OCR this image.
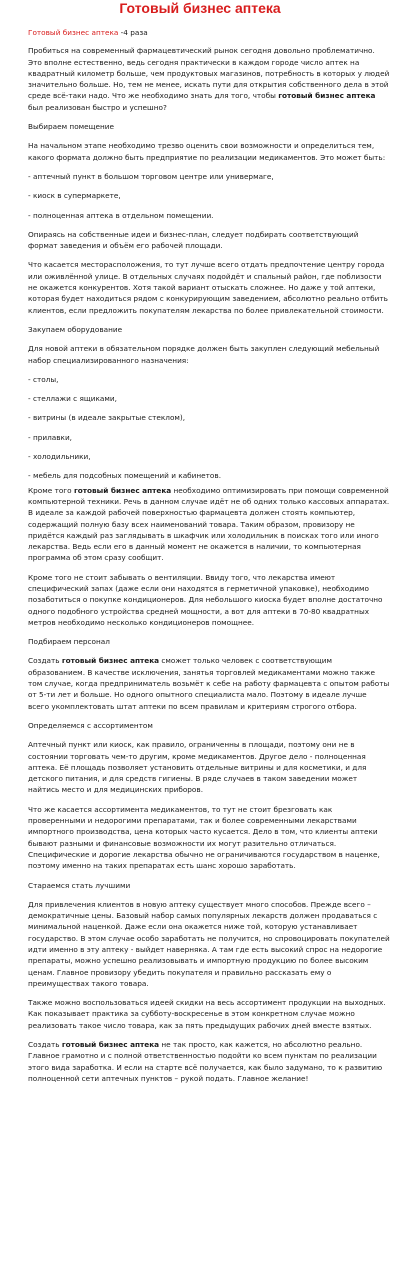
Готовый бизнес аптека
Готовый бизнес аптека -4 раза

Пробиться на современный фармацевтический рынок сегодня довольно проблематично. Это вполне естественно, ведь сегодня практически в каждом городе число аптек на квадратный километр больше, чем продуктовых магазинов, потребность в которых у людей значительно больше. Но, тем не менее, искать пути для открытия собственного дела в этой среде всё-таки надо. Что же необходимо знать для того, чтобы готовый бизнес аптека был реализован быстро и успешно?

Выбираем помещение

На начальном этапе необходимо трезво оценить свои возможности и определиться тем, какого формата должно быть предприятие по реализации медикаментов. Это может быть:

- аптечный пункт в большом торговом центре или универмаге,

- киоск в супермаркете,

- полноценная аптека в отдельном помещении.

Опираясь на собственные идеи и бизнес-план, следует подбирать соответствующий формат заведения и объём его рабочей площади.

Что касается месторасположения, то тут лучше всего отдать предпочтение центру города или оживлённой улице. В отдельных случаях подойдёт и спальный район, где поблизости не окажется конкурентов. Хотя такой вариант отыскать сложнее. Но даже у той аптеки, которая будет находиться рядом с конкурирующим заведением, абсолютно реально отбить клиентов, если предложить покупателям лекарства по более привлекательной стоимости.

Закупаем оборудование

Для новой аптеки в обязательном порядке должен быть закуплен следующий мебельный набор специализированного назначения:

- столы,

- стеллажи с ящиками,

- витрины (в идеале закрытые стеклом),

- прилавки,

- холодильники,

- мебель для подсобных помещений и кабинетов.

Кроме того готовый бизнес аптека необходимо оптимизировать при помощи современной компьютерной техники. Речь в данном случае идёт не об одних только кассовых аппаратах. В идеале за каждой рабочей поверхностью фармацевта должен стоять компьютер, содержащий полную базу всех наименований товара. Таким образом, провизору не придётся каждый раз заглядывать в шкафчик или холодильник в поисках того или иного лекарства. Ведь если его в данный момент не окажется в наличии, то компьютерная программа об этом сразу сообщит.

Кроме того не стоит забывать о вентиляции. Ввиду того, что лекарства имеют специфический запах (даже если они находятся в герметичной упаковке), необходимо позаботиться о покупке кондиционеров. Для небольшого киоска будет вполне достаточно одного подобного устройства средней мощности, а вот для аптеки в 70-80 квадратных метров необходимо несколько кондиционеров помощнее.

Подбираем персонал

Создать готовый бизнес аптека сможет только человек с соответствующим образованием. В качестве исключения, занятья торговлей медикаментами можно также том случае, когда предприниматель возьмёт к себе на работу фармацевта с опытом работы от 5-ти лет и больше. Но одного опытного специалиста мало. Поэтому в идеале лучше всего укомплектовать штат аптеки по всем правилам и критериям строгого отбора.

Определяемся с ассортиментом

Аптечный пункт или киоск, как правило, ограниченны в площади, поэтому они не в состоянии торговать чем-то другим, кроме медикаментов. Другое дело - полноценная аптека. Её площадь позволяет установить отдельные витрины и для косметики, и для детского питания, и для средств гигиены. В ряде случаев в таком заведении может найтись место и для медицинских приборов.

Что же касается ассортимента медикаментов, то тут не стоит брезговать как проверенными и недорогими препаратами, так и более современными лекарствами импортного производства, цена которых часто кусается. Дело в том, что клиенты аптеки бывают разными и финансовые возможности их могут разительно отличаться. Специфические и дорогие лекарства обычно не ограничиваются государством в наценке, поэтому именно на таких препаратах есть шанс хорошо заработать.

Стараемся стать лучшими

Для привлечения клиентов в новую аптеку существует много способов. Прежде всего – демократичные цены. Базовый набор самых популярных лекарств должен продаваться с минимальной наценкой. Даже если она окажется ниже той, которую устанавливает государство. В этом случае особо заработать не получится, но спровоцировать покупателей идти именно в эту аптеку - выйдет наверняка. А там где есть высокий спрос на недорогие препараты, можно успешно реализовывать и импортную продукцию по более высоким ценам. Главное провизору убедить покупателя и правильно рассказать ему о преимуществах такого товара.

Также можно воспользоваться идеей скидки на весь ассортимент продукции на выходных. Как показывает практика за субботу-воскресенье в этом конкретном случае можно реализовать такое число товара, как за пять предыдущих рабочих дней вместе взятых.

Создать готовый бизнес аптека не так просто, как кажется, но абсолютно реально. Главное грамотно и с полной ответственностью подойти ко всем пунктам по реализации этого вида заработка. И если на старте всё получается, как было задумано, то к развитию полноценной сети аптечных пунктов – рукой подать. Главное желание!
